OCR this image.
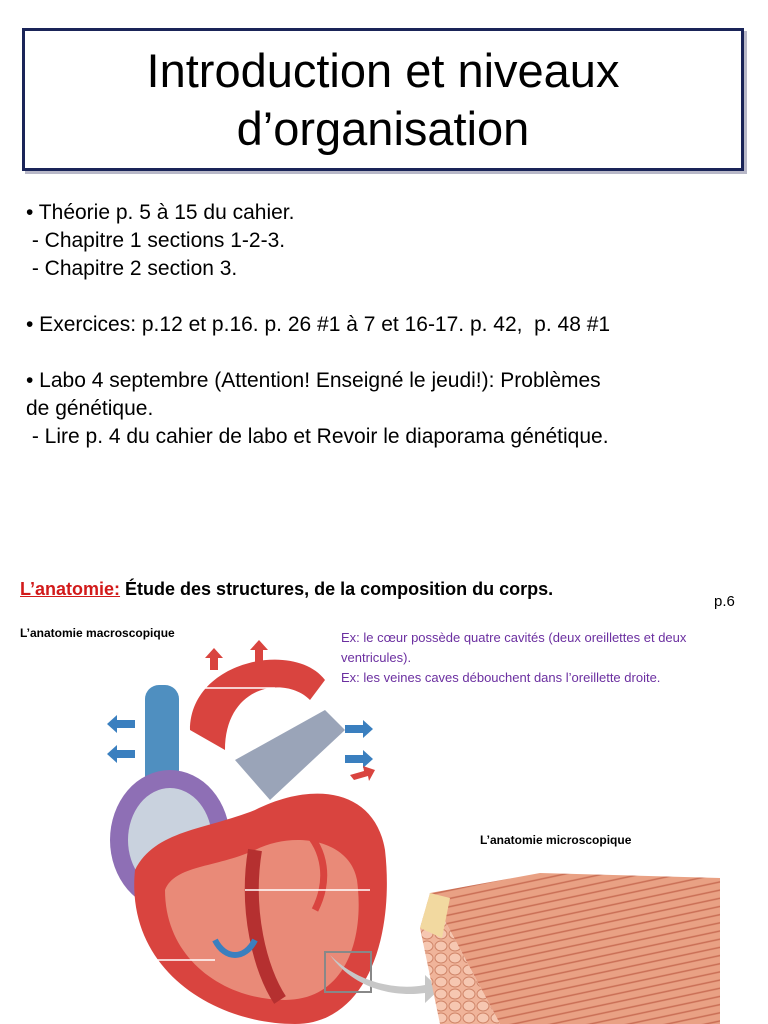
Introduction et niveaux
d’organisation

• Théorie p. 5 à 15 du cahier.

- Chapitre 1 sections 1-2-3.

- Chapitre 2 section 3.

• Exercices: p.12 et p.16. p. 26 #1 à 7 et 16-17. p. 42,  p. 48 #1

• Labo 4 septembre (Attention! Enseigné le jeudi!): Problèmes

de génétique.

- Lire p. 4 du cahier de labo et Revoir le diaporama génétique.

L’anatomie: Étude des structures, de la composition du corps.
p.6
L’anatomie macroscopique	Ex: le cœur possède quatre cavités (deux oreillettes et deux ventricules).

Ex: les veines caves débouchent dans l’oreillette droite.

L’anatomie microscopique
